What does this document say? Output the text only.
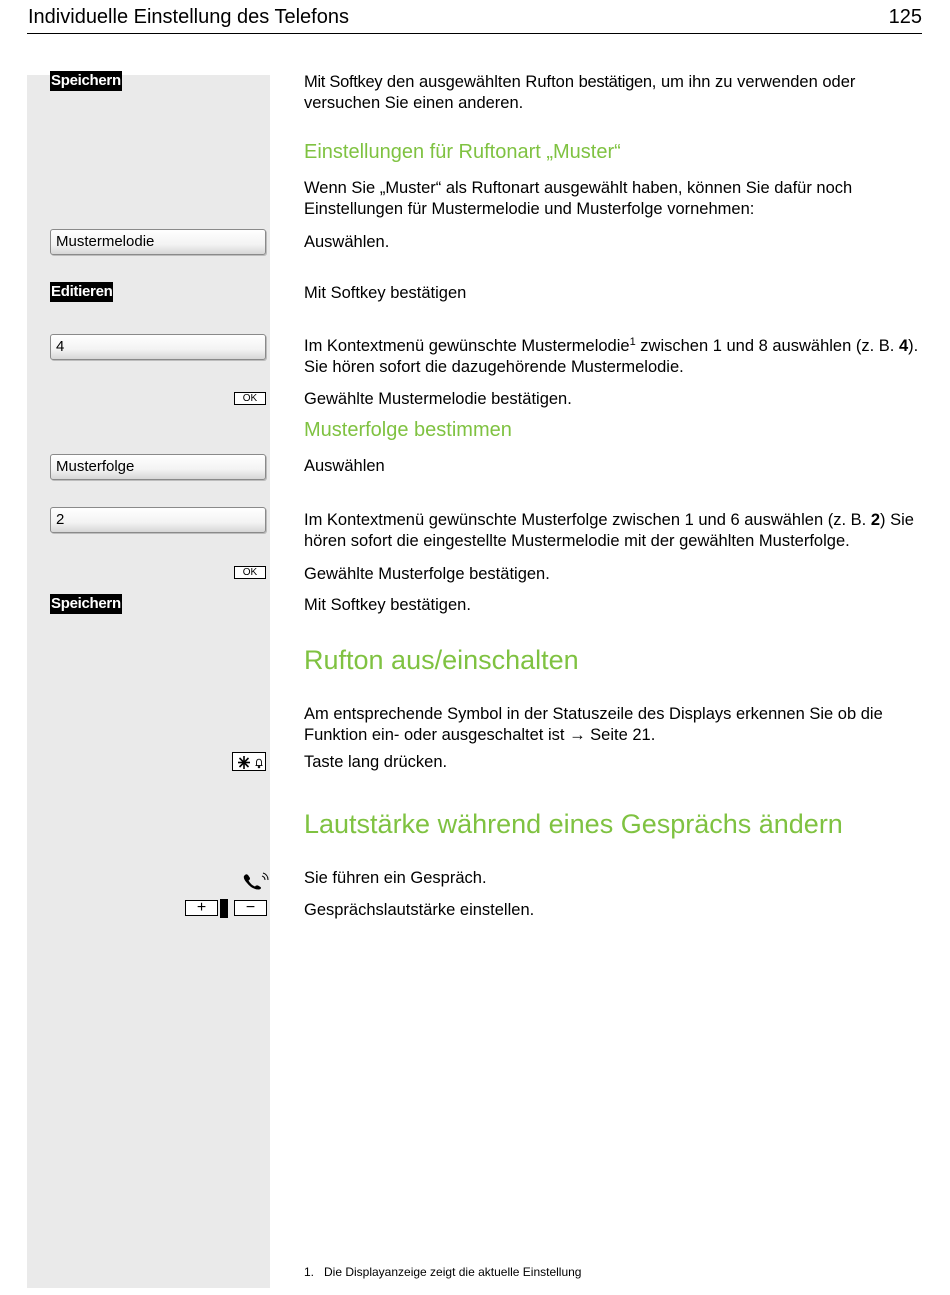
Individuelle Einstellung des Telefons	125
Speichern
Mustermelodie
Editieren
4
OK
Musterfolge
2
OK
Speichern
+	−
Mit Softkey den ausgewählten Rufton bestätigen, um ihn zu verwenden oder versuchen Sie einen anderen.
Einstellungen für Ruftonart „Muster“
Wenn Sie „Muster“ als Ruftonart ausgewählt haben, können Sie dafür noch Einstellungen für Mustermelodie und Musterfolge vornehmen:
Auswählen.
Mit Softkey bestätigen
Im Kontextmenü gewünschte Mustermelodie$^1$ zwischen 1 und 8 auswählen (z. B. 4). Sie hören sofort die dazugehörende Mustermelodie.
Gewählte Mustermelodie bestätigen.
Musterfolge bestimmen
Auswählen
Im Kontextmenü gewünschte Musterfolge zwischen 1 und 6 auswählen (z. B. 2) Sie hören sofort die eingestellte Mustermelodie mit der gewählten Musterfolge.
Gewählte Musterfolge bestätigen.
Mit Softkey bestätigen.
Rufton aus/einschalten
Am entsprechende Symbol in der Statuszeile des Displays erkennen Sie ob die Funktion ein- oder ausgeschaltet ist → Seite 21.
Taste lang drücken.
Lautstärke während eines Gesprächs ändern
Sie führen ein Gespräch.
Gesprächslautstärke einstellen.
1. Die Displayanzeige zeigt die aktuelle Einstellung
